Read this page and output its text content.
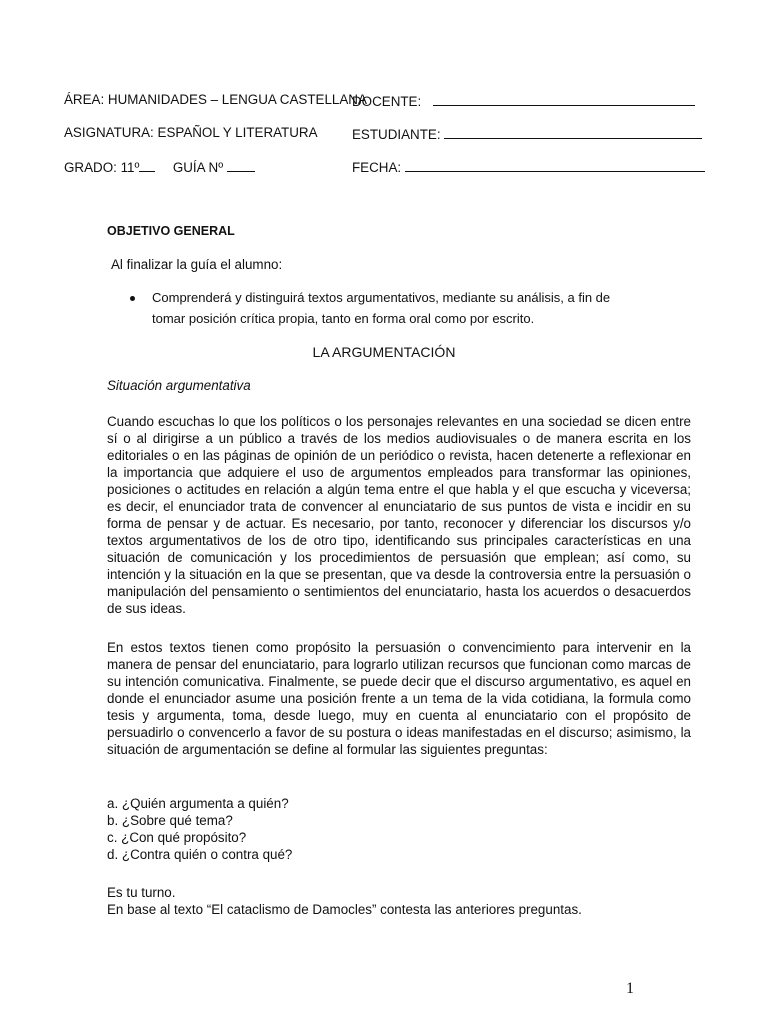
ÁREA: HUMANIDADES – LENGUA CASTELLANA
DOCENTE:
ASIGNATURA: ESPAÑOL Y LITERATURA	ESTUDIANTE:
GRADO: 11º GUÍA Nº	FECHA:
OBJETIVO GENERAL
Al finalizar la guía el alumno:
Comprenderá y distinguirá textos argumentativos, mediante su análisis, a fin de
tomar posición crítica propia, tanto en forma oral como por escrito.
LA ARGUMENTACIÓN
Situación argumentativa
Cuando escuchas lo que los políticos o los personajes relevantes en una sociedad se dicen entre sí o al dirigirse a un público a través de los medios audiovisuales o de manera escrita en los editoriales o en las páginas de opinión de un periódico o revista, hacen detenerte a reflexionar en la importancia que adquiere el uso de argumentos empleados para transformar las opiniones, posiciones o actitudes en relación a algún tema entre el que habla y el que escucha y viceversa; es decir, el enunciador trata de convencer al enunciatario de sus puntos de vista e incidir en su forma de pensar y de actuar. Es necesario, por tanto, reconocer y diferenciar los discursos y/o textos argumentativos de los de otro tipo, identificando sus principales características en una situación de comunicación y los procedimientos de persuasión que emplean; así como, su intención y la situación en la que se presentan, que va desde la controversia entre la persuasión o manipulación del pensamiento o sentimientos del enunciatario, hasta los acuerdos o desacuerdos de sus ideas.
En estos textos tienen como propósito la persuasión o convencimiento para intervenir en la manera de pensar del enunciatario, para lograrlo utilizan recursos que funcionan como marcas de su intención comunicativa. Finalmente, se puede decir que el discurso argumentativo, es aquel en donde el enunciador asume una posición frente a un tema de la vida cotidiana, la formula como tesis y argumenta, toma, desde luego, muy en cuenta al enunciatario con el propósito de persuadirlo o convencerlo a favor de su postura o ideas manifestadas en el discurso; asimismo, la situación de argumentación se define al formular las siguientes preguntas:
a. ¿Quién argumenta a quién?
b. ¿Sobre qué tema?
c. ¿Con qué propósito?
d. ¿Contra quién o contra qué?
Es tu turno.
En base al texto “El cataclismo de Damocles” contesta las anteriores preguntas.
1
